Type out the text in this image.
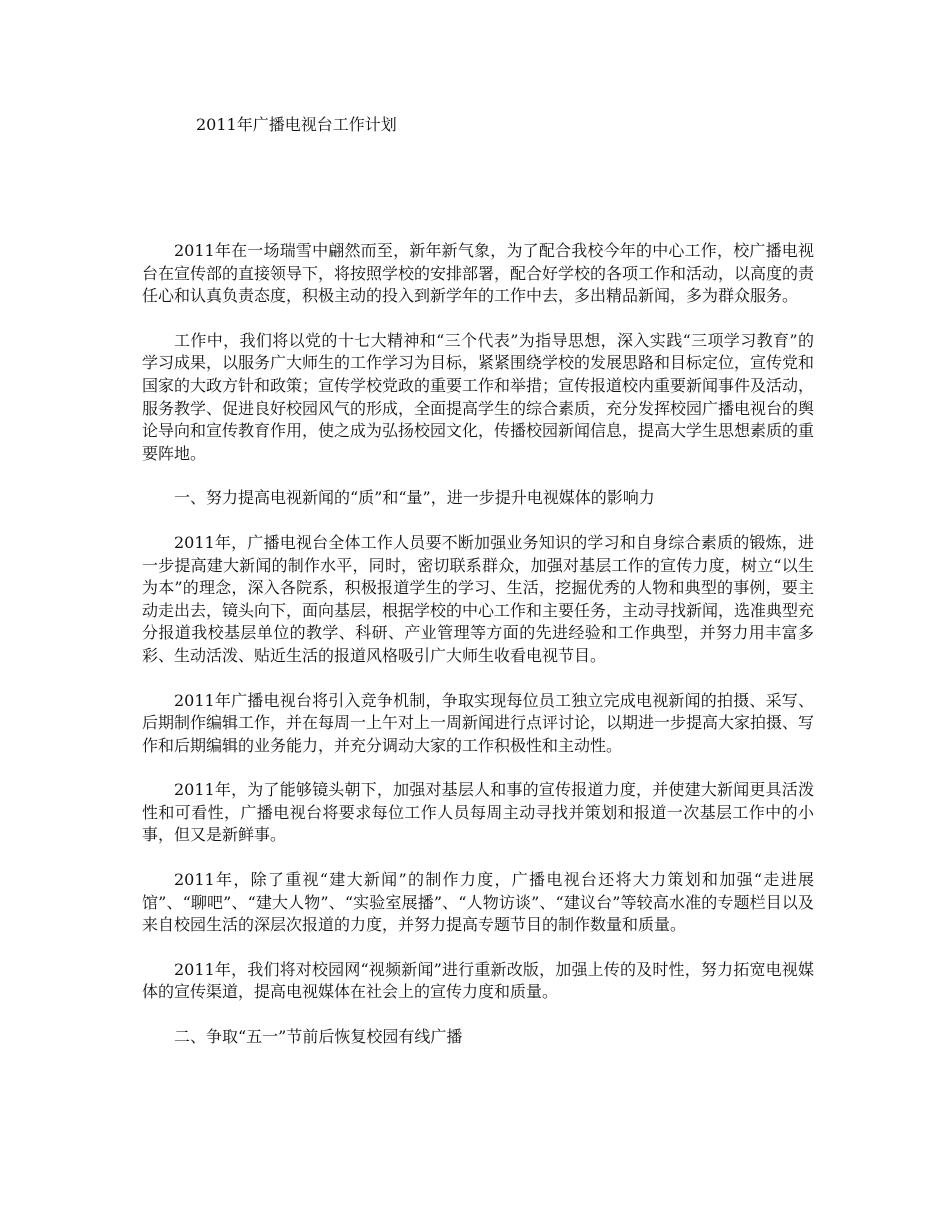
2011年广播电视台工作计划

2011年在一场瑞雪中翩然而至，新年新气象，为了配合我校今年的中心工作，校广播电视台在宣传部的直接领导下，将按照学校的安排部署，配合好学校的各项工作和活动，以高度的责任心和认真负责态度，积极主动的投入到新学年的工作中去，多出精品新闻，多为群众服务。

工作中，我们将以党的十七大精神和“三个代表”为指导思想，深入实践“三项学习教育”的学习成果，以服务广大师生的工作学习为目标，紧紧围绕学校的发展思路和目标定位，宣传党和国家的大政方针和政策；宣传学校党政的重要工作和举措；宣传报道校内重要新闻事件及活动，服务教学、促进良好校园风气的形成，全面提高学生的综合素质，充分发挥校园广播电视台的舆论导向和宣传教育作用，使之成为弘扬校园文化，传播校园新闻信息，提高大学生思想素质的重要阵地。

一、努力提高电视新闻的“质”和“量”，进一步提升电视媒体的影响力

2011年，广播电视台全体工作人员要不断加强业务知识的学习和自身综合素质的锻炼，进一步提高建大新闻的制作水平，同时，密切联系群众，加强对基层工作的宣传力度，树立“以生为本”的理念，深入各院系，积极报道学生的学习、生活，挖掘优秀的人物和典型的事例，要主动走出去，镜头向下，面向基层，根据学校的中心工作和主要任务，主动寻找新闻，选准典型充分报道我校基层单位的教学、科研、产业管理等方面的先进经验和工作典型，并努力用丰富多彩、生动活泼、贴近生活的报道风格吸引广大师生收看电视节目。

2011年广播电视台将引入竞争机制，争取实现每位员工独立完成电视新闻的拍摄、采写、后期制作编辑工作，并在每周一上午对上一周新闻进行点评讨论，以期进一步提高大家拍摄、写作和后期编辑的业务能力，并充分调动大家的工作积极性和主动性。

2011年，为了能够镜头朝下，加强对基层人和事的宣传报道力度，并使建大新闻更具活泼性和可看性，广播电视台将要求每位工作人员每周主动寻找并策划和报道一次基层工作中的小事，但又是新鲜事。

2011年，除了重视“建大新闻”的制作力度，广播电视台还将大力策划和加强“走进展馆”、“聊吧”、“建大人物”、“实验室展播”、“人物访谈”、“建议台”等较高水准的专题栏目以及来自校园生活的深层次报道的力度，并努力提高专题节目的制作数量和质量。

2011年，我们将对校园网“视频新闻”进行重新改版，加强上传的及时性，努力拓宽电视媒体的宣传渠道，提高电视媒体在社会上的宣传力度和质量。

二、争取“五一”节前后恢复校园有线广播
